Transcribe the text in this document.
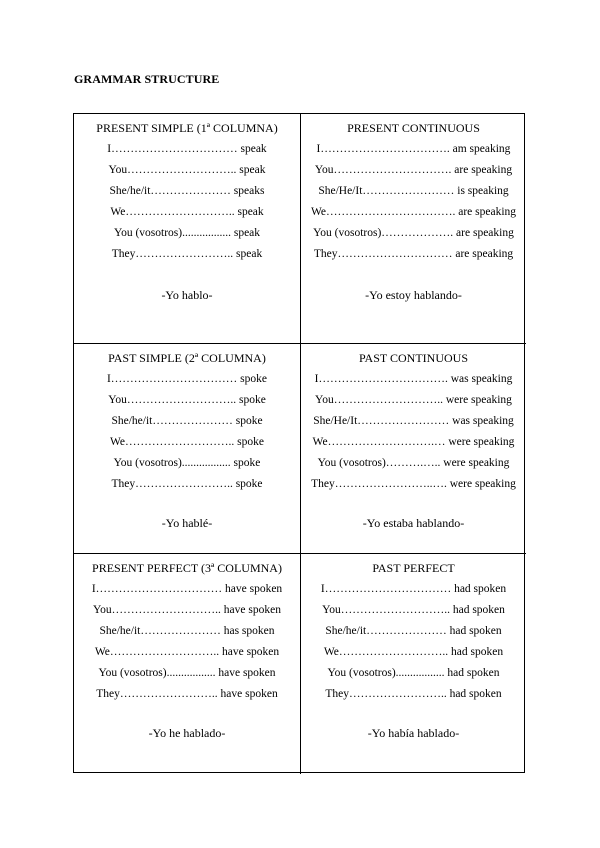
GRAMMAR STRUCTURE
PRESENT SIMPLE (1ª COLUMNA)
I…………………………… speak
You……………………….. speak
She/he/it………………… speaks
We……………………….. speak
You (vosotros)................. speak
They…………………….. speak
-Yo hablo-
PRESENT CONTINUOUS
I……………………………. am speaking
You…………………………. are speaking
She/He/It…………………… is speaking
We……………………………. are speaking
You (vosotros)………………. are speaking
They………………………… are speaking
-Yo estoy hablando-
PAST SIMPLE (2ª COLUMNA)
I…………………………… spoke
You……………………….. spoke
She/he/it………………… spoke
We……………………….. spoke
You (vosotros)................. spoke
They…………………….. spoke
-Yo hablé-
PAST CONTINUOUS
I……………………………. was speaking
You……………………….. were speaking
She/He/It…………………… was speaking
We……………………….… were speaking
You (vosotros)……….….. were speaking
They……………………..…. were speaking
-Yo estaba hablando-
PRESENT PERFECT (3ª COLUMNA)
I…………………………… have spoken
You……………………….. have spoken
She/he/it………………… has spoken
We……………………….. have spoken
You (vosotros)................. have spoken
They…………………….. have spoken
-Yo he hablado-
PAST PERFECT
I…………………………… had spoken
You……………………….. had spoken
She/he/it………………… had spoken
We……………………….. had spoken
You (vosotros)................. had spoken
They…………………….. had spoken
-Yo había hablado-
